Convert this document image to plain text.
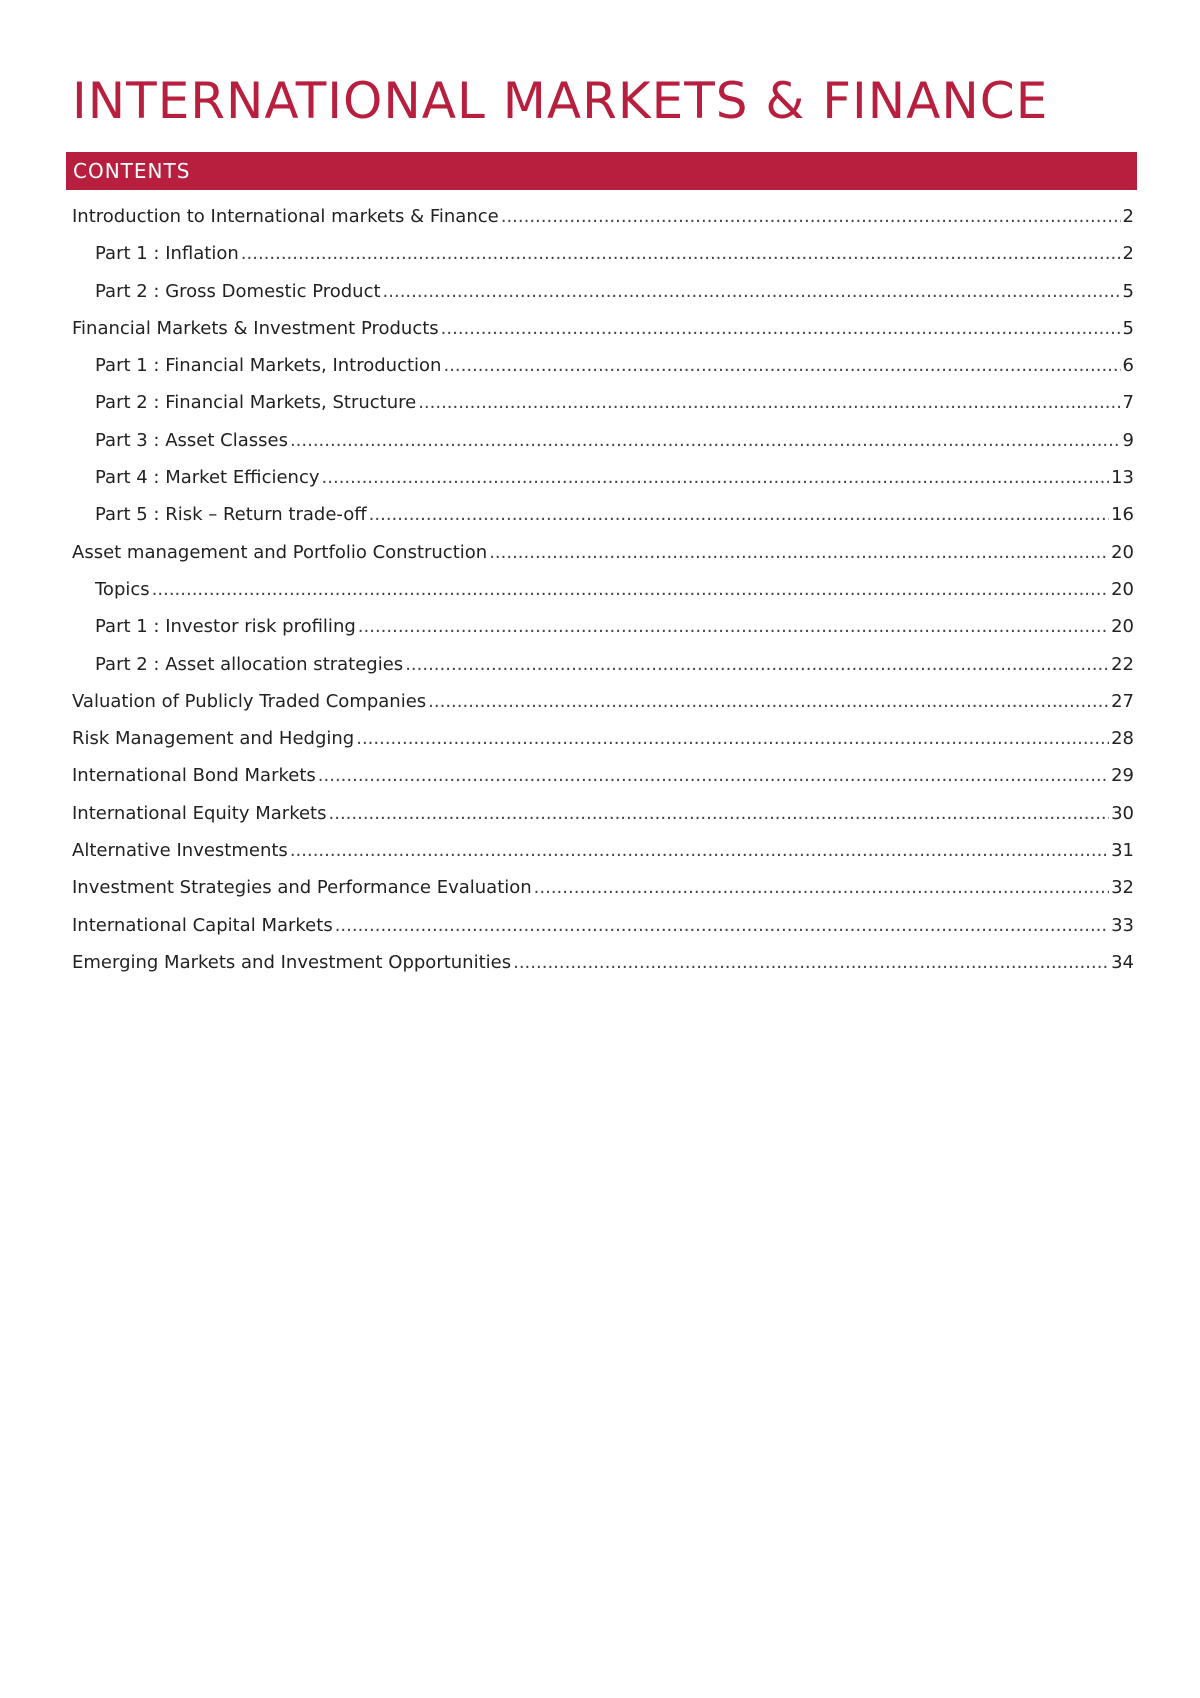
INTERNATIONAL MARKETS & FINANCE
CONTENTS
Introduction to International markets & Finance .....	2
Part 1 : Inflation .....	2
Part 2 : Gross Domestic Product .....	5
Financial Markets & Investment Products .....	5
Part 1 : Financial Markets, Introduction .....	6
Part 2 : Financial Markets, Structure .....	7
Part 3 : Asset Classes .....	9
Part 4 : Market Efficiency .....	13
Part 5 : Risk – Return trade-off .....	16
Asset management and Portfolio Construction .....	20
Topics .....	20
Part 1 : Investor risk profiling .....	20
Part 2 : Asset allocation strategies .....	22
Valuation of Publicly Traded Companies .....	27
Risk Management and Hedging .....	28
International Bond Markets .....	29
International Equity Markets .....	30
Alternative Investments .....	31
Investment Strategies and Performance Evaluation .....	32
International Capital Markets .....	33
Emerging Markets and Investment Opportunities .....	34
